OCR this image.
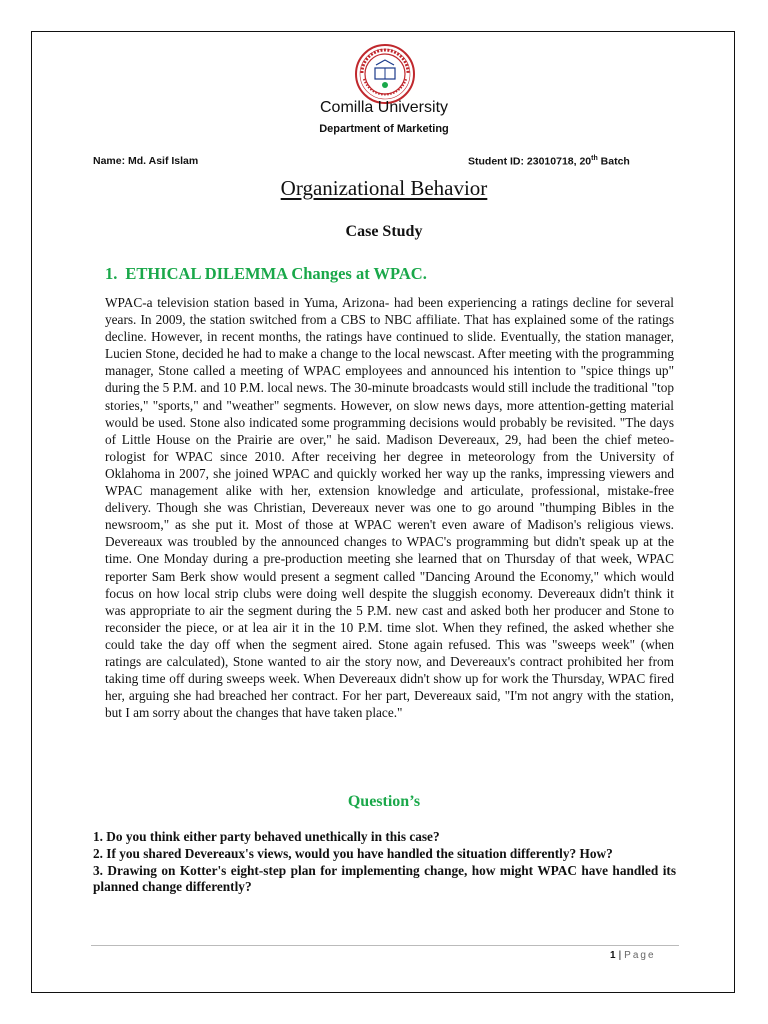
Comilla University
Department of Marketing
Name: Md. Asif Islam	Student ID: 23010718, 20th Batch
Organizational Behavior
Case Study
1. ETHICAL DILEMMA Changes at WPAC.

WPAC-a television station based in Yuma, Arizona- had been experiencing a ratings decline for several years. In 2009, the station switched from a CBS to NBC affiliate. That has explained some of the ratings decline. However, in recent months, the ratings have continued to slide. Eventually, the station manager, Lucien Stone, decided he had to make a change to the local newscast. After meeting with the programming manager, Stone called a meeting of WPAC employees and announced his intention to "spice things up" during the 5 P.M. and 10 P.M. local news. The 30-minute broadcasts would still include the traditional "top stories," "sports," and "weather" segments. However, on slow news days, more attention-getting material would be used. Stone also indicated some programming decisions would probably be revisited. "The days of Little House on the Prairie are over," he said. Madison Devereaux, 29, had been the chief meteo-rologist for WPAC since 2010. After receiving her degree in meteorology from the University of Oklahoma in 2007, she joined WPAC and quickly worked her way up the ranks, impressing viewers and WPAC management alike with her, extension knowledge and articulate, professional, mistake-free delivery. Though she was Christian, Devereaux never was one to go around "thumping Bibles in the newsroom," as she put it. Most of those at WPAC weren't even aware of Madison's religious views. Devereaux was troubled by the announced changes to WPAC's programming but didn't speak up at the time. One Monday during a pre-production meeting she learned that on Thursday of that week, WPAC reporter Sam Berk show would present a segment called "Dancing Around the Economy," which would focus on how local strip clubs were doing well despite the sluggish economy. Devereaux didn't think it was appropriate to air the segment during the 5 P.M. new cast and asked both her producer and Stone to reconsider the piece, or at lea air it in the 10 P.M. time slot. When they refined, the asked whether she could take the day off when the segment aired. Stone again refused. This was "sweeps week" (when ratings are calculated), Stone wanted to air the story now, and Devereaux's contract prohibited her from taking time off during sweeps week. When Devereaux didn't show up for work the Thursday, WPAC fired her, arguing she had breached her contract. For her part, Devereaux said, "I'm not angry with the station, but I am sorry about the changes that have taken place."

Question’s
1. Do you think either party behaved unethically in this case?
2. If you shared Devereaux's views, would you have handled the situation differently? How?
3. Drawing on Kotter's eight-step plan for implementing change, how might WPAC have handled its planned change differently?
1 | Page
